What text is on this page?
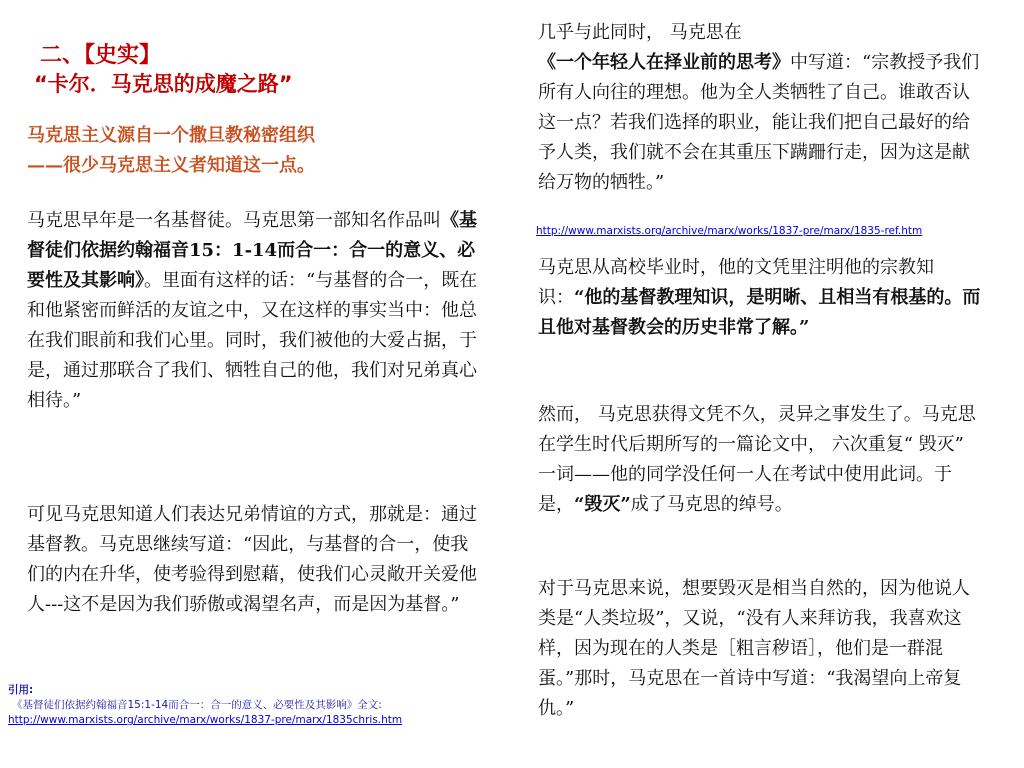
二、【史实】
“卡尔．马克思的成魔之路”
马克思主义源自一个撒旦教秘密组织
——很少马克思主义者知道这一点。
马克思早年是一名基督徒。马克思第一部知名作品叫《基督徒们依据约翰福音15：1-14而合一：合一的意义、必要性及其影响》。里面有这样的话：“与基督的合一，既在和他紧密而鲜活的友谊之中，又在这样的事实当中：他总在我们眼前和我们心里。同时，我们被他的大爱占据，于是，通过那联合了我们、牺牲自己的他，我们对兄弟真心相待。”
可见马克思知道人们表达兄弟情谊的方式，那就是：通过基督教。马克思继续写道：“因此，与基督的合一，使我们的内在升华，使考验得到慰藉，使我们心灵敞开关爱他人---这不是因为我们骄傲或渴望名声，而是因为基督。”
引用:
《基督徒们依据约翰福音15:1-14而合一：合一的意义、必要性及其影响》全文:
http://www.marxists.org/archive/marx/works/1837-pre/marx/1835chris.htm
几乎与此同时， 马克思在《一个年轻人在择业前的思考》中写道：“宗教授予我们所有人向往的理想。他为全人类牺牲了自己。谁敢否认这一点？若我们选择的职业，能让我们把自己最好的给予人类，我们就不会在其重压下蹒跚行走，因为这是献给万物的牺牲。”
http://www.marxists.org/archive/marx/works/1837-pre/marx/1835-ref.htm
马克思从高校毕业时，他的文凭里注明他的宗教知识：“他的基督教理知识，是明晰、且相当有根基的。而且他对基督教会的历史非常了解。”
然而， 马克思获得文凭不久，灵异之事发生了。马克思在学生时代后期所写的一篇论文中， 六次重复“ 毁灭” 一词——他的同学没任何一人在考试中使用此词。于是，“毁灭”成了马克思的绰号。
对于马克思来说，想要毁灭是相当自然的，因为他说人类是“人类垃圾”，又说，“没有人来拜访我，我喜欢这样，因为现在的人类是［粗言秽语］，他们是一群混蛋。”那时，马克思在一首诗中写道：“我渴望向上帝复仇。”
